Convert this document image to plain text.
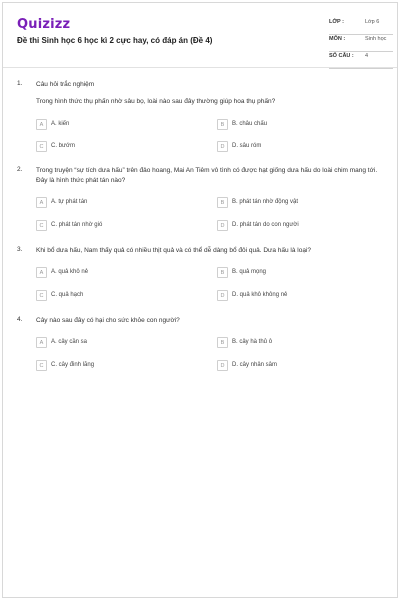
Quizizz
Đề thi Sinh học 6 học kì 2 cực hay, có đáp án (Đề 4)
LỚP :	Lớp 6
MÔN :	Sinh học
SỐ CÂU : 4
1. Câu hỏi trắc nghiệm
Trong hình thức thụ phấn nhờ sâu bọ, loài nào sau đây thường giúp hoa thụ phấn?
A	A. kiến	B	B. châu chấu
C	C. bướm	D	D. sâu róm
2. Trong truyện “sự tích dưa hấu” trên đảo hoang, Mai An Tiêm vô tình có được hạt giống dưa hấu do loài chim mang tới. Đây là hình thức phát tán nào?
A	A. tự phát tán	B	B. phát tán nhờ động vật
C	C. phát tán nhờ gió	D	D. phát tán do con người
3. Khi bổ dưa hấu, Nam thấy quả có nhiều thịt quả và có thể dễ dàng bổ đôi quả. Dưa hấu là loại?
A	A. quả khô nẻ	B	B. quả mọng
C	C. quả hạch	D	D. quả khô không nẻ
4. Cây nào sau đây có hại cho sức khỏe con người?
A	A. cây cần sa	B	B. cây hà thủ ô
C	C. cây đinh lăng	D	D. cây nhân sâm
